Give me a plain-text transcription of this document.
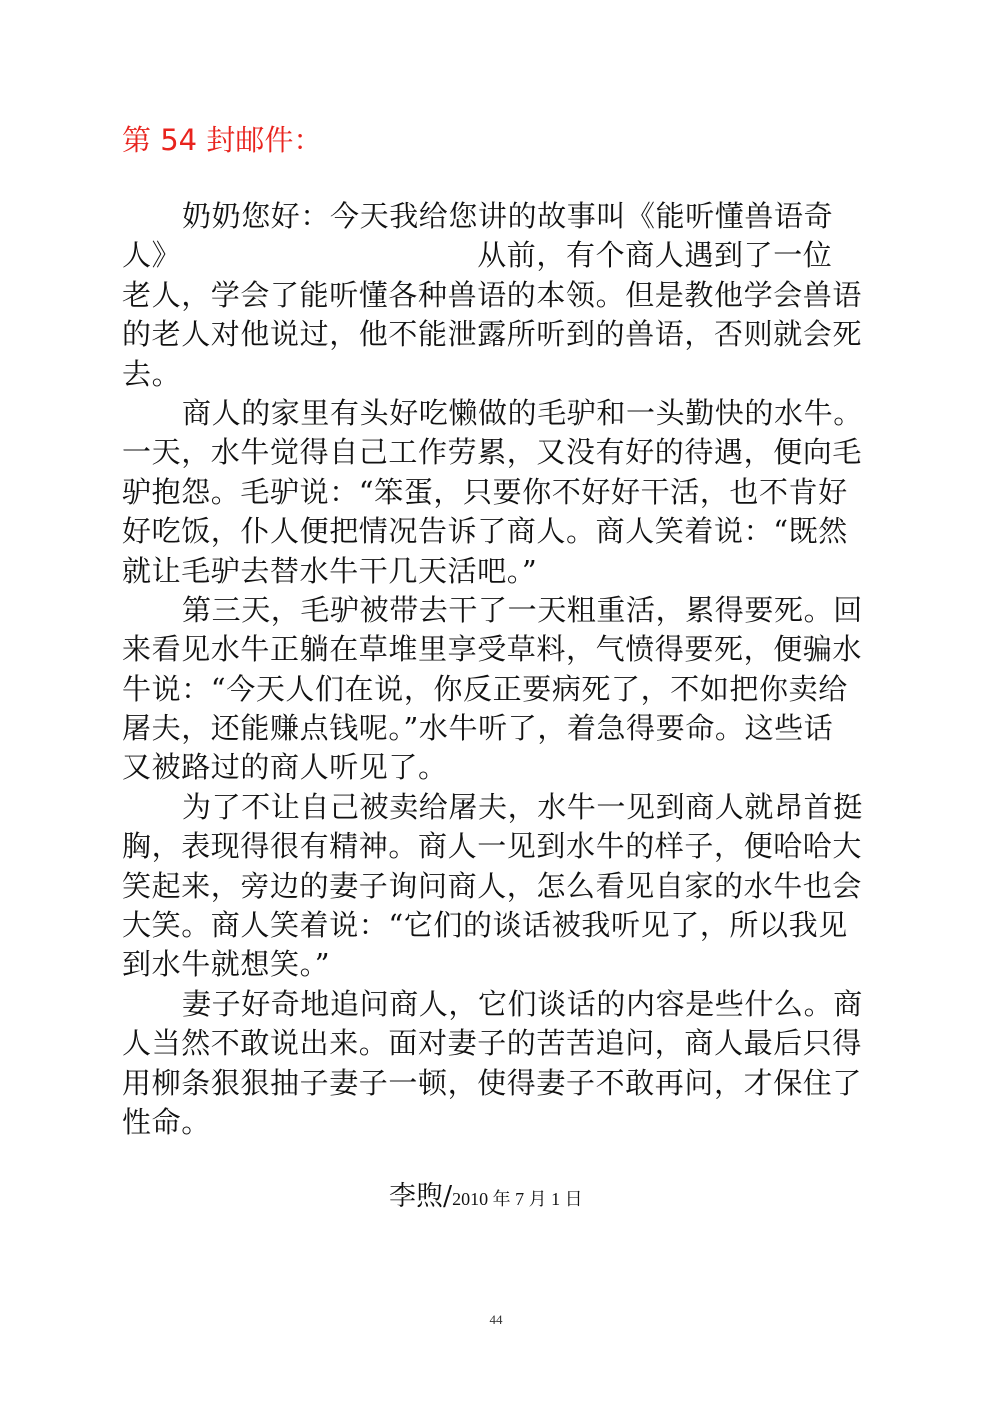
第 54 封邮件：
奶奶您好：今天我给您讲的故事叫《能听懂兽语奇
人》	从前，有个商人遇到了一位
老人，学会了能听懂各种兽语的本领。但是教他学会兽语
的老人对他说过，他不能泄露所听到的兽语，否则就会死
去。
商人的家里有头好吃懒做的毛驴和一头勤快的水牛。
一天，水牛觉得自己工作劳累，又没有好的待遇，便向毛
驴抱怨。毛驴说：“笨蛋，只要你不好好干活，也不肯好
好吃饭，仆人便把情况告诉了商人。商人笑着说：“既然
就让毛驴去替水牛干几天活吧。”
第三天，毛驴被带去干了一天粗重活，累得要死。回
来看见水牛正躺在草堆里享受草料，气愤得要死，便骗水
牛说：“今天人们在说，你反正要病死了，不如把你卖给
屠夫，还能赚点钱呢。”水牛听了，着急得要命。这些话
又被路过的商人听见了。
为了不让自己被卖给屠夫，水牛一见到商人就昂首挺
胸，表现得很有精神。商人一见到水牛的样子，便哈哈大
笑起来，旁边的妻子询问商人，怎么看见自家的水牛也会
大笑。商人笑着说：“它们的谈话被我听见了，所以我见
到水牛就想笑。”
妻子好奇地追问商人，它们谈话的内容是些什么。商
人当然不敢说出来。面对妻子的苦苦追问，商人最后只得
用柳条狠狠抽子妻子一顿，使得妻子不敢再问，才保住了
性命。
李煦/2010 年 7 月 1 日
44
